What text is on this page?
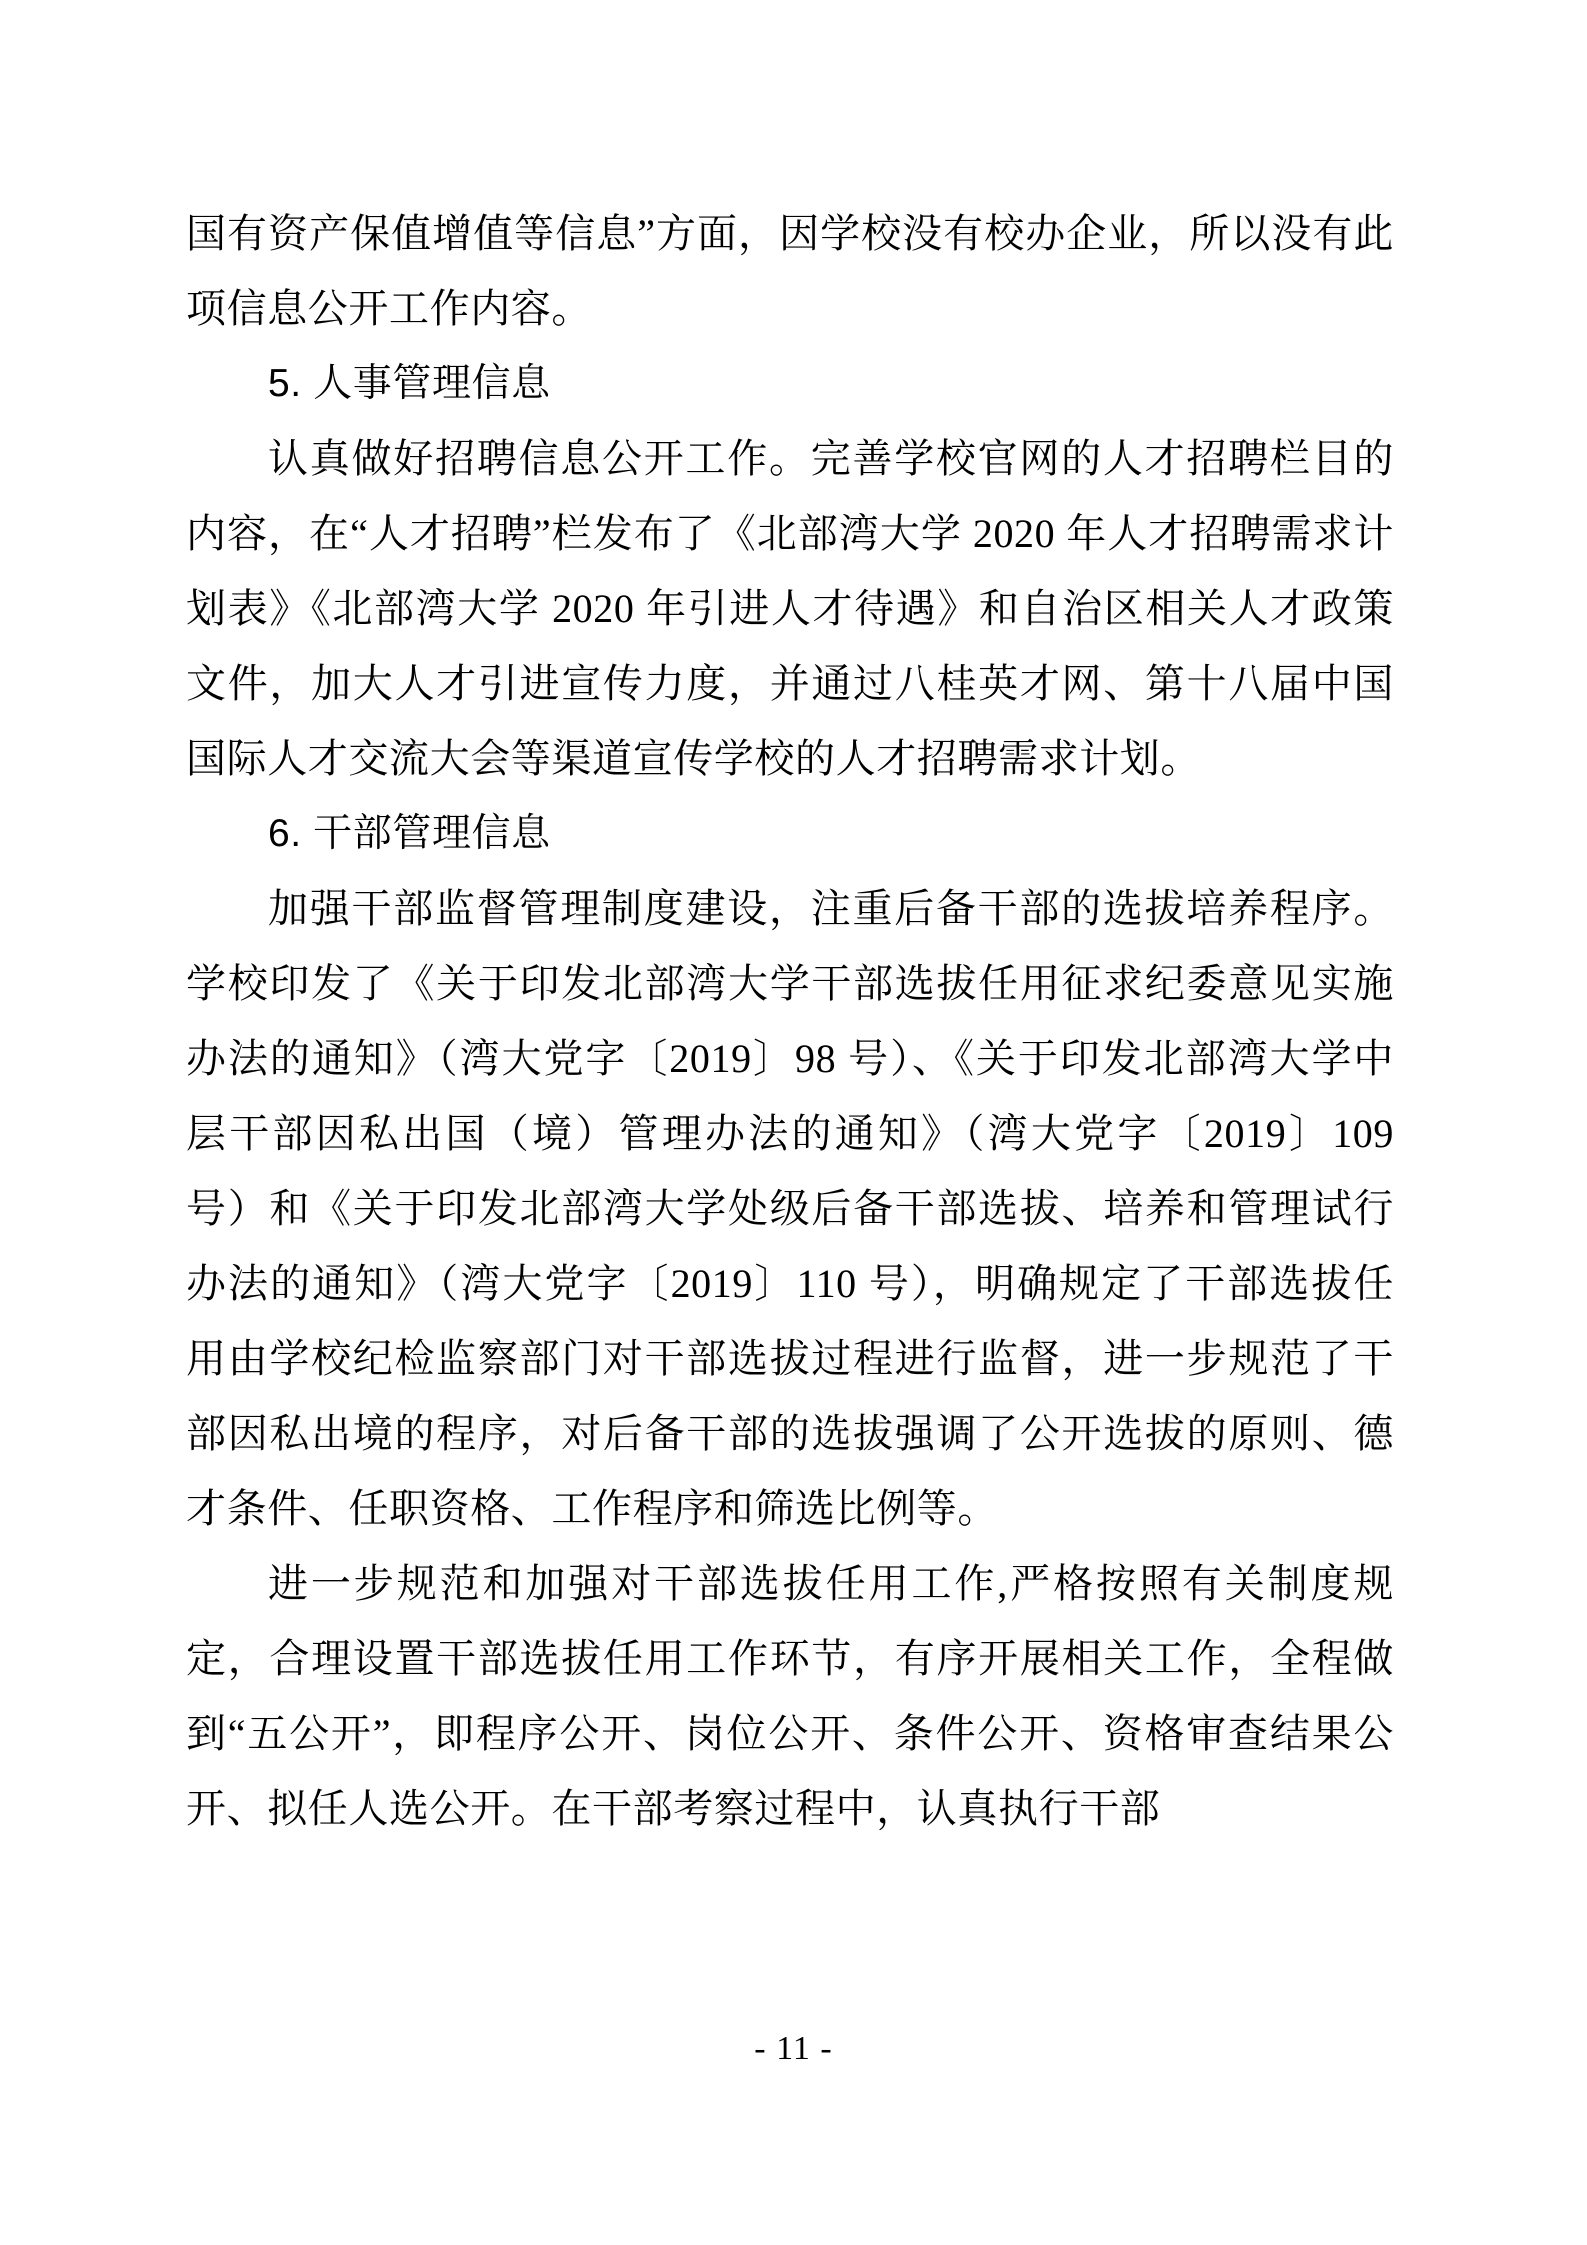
国有资产保值增值等信息”方面，因学校没有校办企业，所以没有此项信息公开工作内容。

5. 人事管理信息

认真做好招聘信息公开工作。完善学校官网的人才招聘栏目的内容，在“人才招聘”栏发布了《北部湾大学 2020 年人才招聘需求计划表》《北部湾大学 2020 年引进人才待遇》和自治区相关人才政策文件，加大人才引进宣传力度，并通过八桂英才网、第十八届中国国际人才交流大会等渠道宣传学校的人才招聘需求计划。

6. 干部管理信息

加强干部监督管理制度建设，注重后备干部的选拔培养程序。学校印发了《关于印发北部湾大学干部选拔任用征求纪委意见实施办法的通知》（湾大党字〔2019〕98 号）、《关于印发北部湾大学中层干部因私出国（境）管理办法的通知》（湾大党字〔2019〕109 号）和《关于印发北部湾大学处级后备干部选拔、培养和管理试行办法的通知》（湾大党字〔2019〕110 号），明确规定了干部选拔任用由学校纪检监察部门对干部选拔过程进行监督，进一步规范了干部因私出境的程序，对后备干部的选拔强调了公开选拔的原则、德才条件、任职资格、工作程序和筛选比例等。

进一步规范和加强对干部选拔任用工作,严格按照有关制度规定，合理设置干部选拔任用工作环节，有序开展相关工作，全程做到“五公开”，即程序公开、岗位公开、条件公开、资格审查结果公开、拟任人选公开。在干部考察过程中，认真执行干部

- 11 -
